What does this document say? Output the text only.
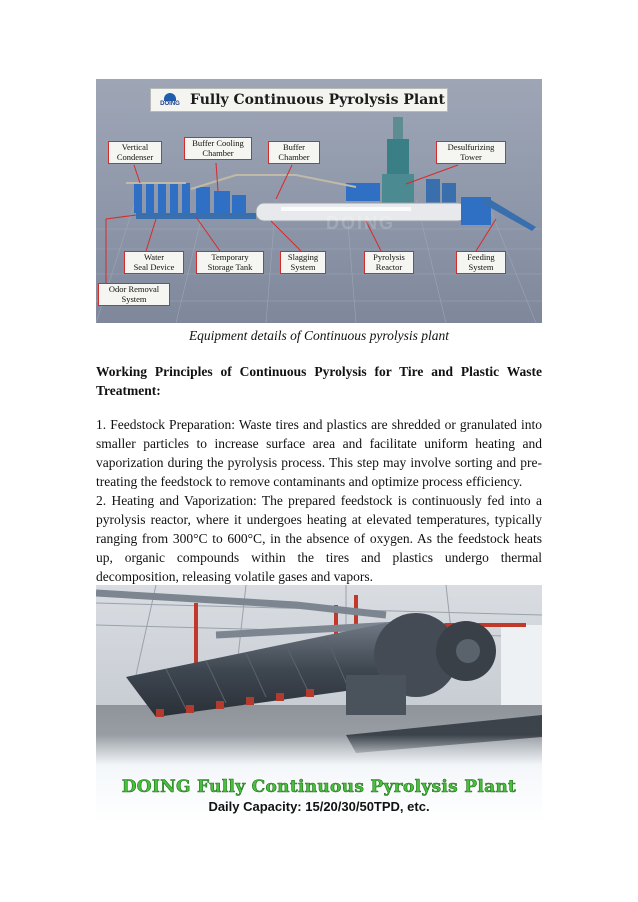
DOING Fully Continuous Pyrolysis Plant
Vertical
Condenser
Buffer Cooling
Chamber
Buffer
Chamber
Desulfurizing
Tower
Water
Seal Device
Temporary
Storage Tank
Slagging
System
Pyrolysis
Reactor
Feeding
System
Odor Removal
System
DOING
Equipment details of Continuous pyrolysis plant
Working Principles of Continuous Pyrolysis for Tire and Plastic Waste Treatment:
1. Feedstock Preparation: Waste tires and plastics are shredded or granulated into smaller particles to increase surface area and facilitate uniform heating and vaporization during the pyrolysis process. This step may involve sorting and pre-treating the feedstock to remove contaminants and optimize process efficiency.
2. Heating and Vaporization: The prepared feedstock is continuously fed into a pyrolysis reactor, where it undergoes heating at elevated temperatures, typically ranging from 300°C to 600°C, in the absence of oxygen. As the feedstock heats up, organic compounds within the tires and plastics undergo thermal decomposition, releasing volatile gases and vapors.
DOING Fully Continuous Pyrolysis Plant
Daily Capacity: 15/20/30/50TPD, etc.
